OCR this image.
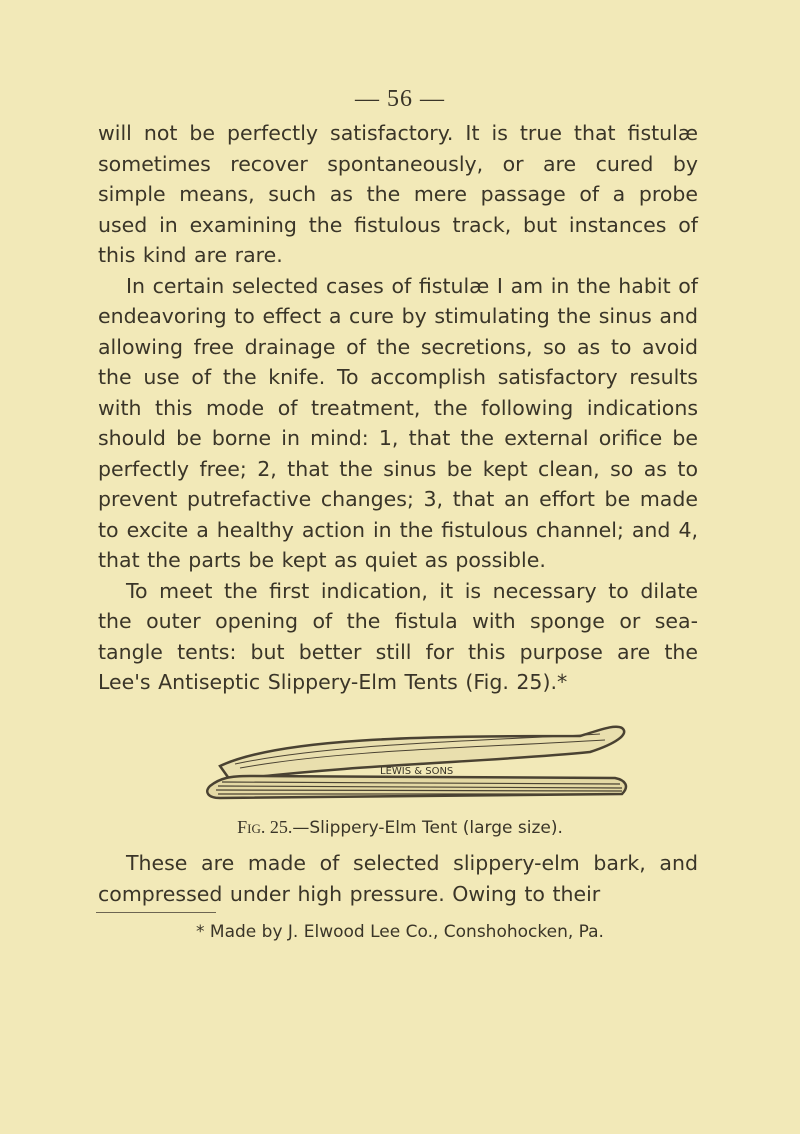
— 56 —

will not be perfectly satisfactory. It is true that fistulæ sometimes recover spontaneously, or are cured by simple means, such as the mere passage of a probe used in examining the fistulous track, but instances of this kind are rare.

In certain selected cases of fistulæ I am in the habit of endeavoring to effect a cure by stimulating the sinus and allowing free drainage of the secretions, so as to avoid the use of the knife. To accomplish satisfactory results with this mode of treatment, the following indications should be borne in mind: 1, that the external orifice be perfectly free; 2, that the sinus be kept clean, so as to prevent putrefactive changes; 3, that an effort be made to excite a healthy action in the fistulous channel; and 4, that the parts be kept as quiet as possible.

To meet the first indication, it is necessary to dilate the outer opening of the fistula with sponge or sea-tangle tents: but better still for this purpose are the Lee's Antiseptic Slippery-Elm Tents (Fig. 25).*

LEWIS & SONS
Fig. 25.—Slippery-Elm Tent (large size).

These are made of selected slippery-elm bark, and compressed under high pressure. Owing to their

* Made by J. Elwood Lee Co., Conshohocken, Pa.
